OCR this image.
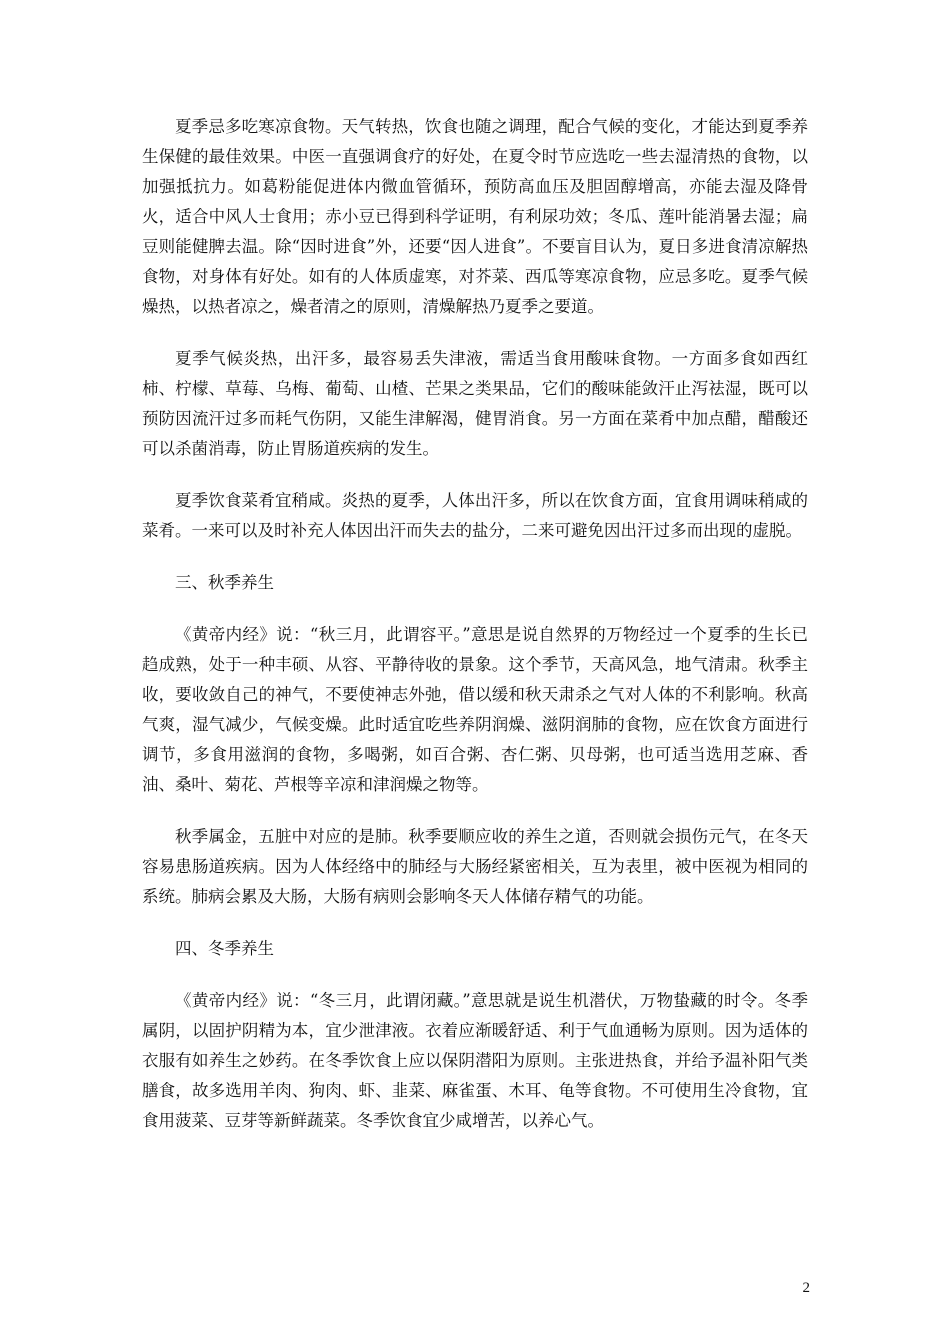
夏季忌多吃寒凉食物。天气转热，饮食也随之调理，配合气候的变化，才能达到夏季养生保健的最佳效果。中医一直强调食疗的好处，在夏令时节应选吃一些去湿清热的食物，以加强抵抗力。如葛粉能促进体内微血管循环，预防高血压及胆固醇增高，亦能去湿及降骨火，适合中风人士食用；赤小豆已得到科学证明，有利尿功效；冬瓜、莲叶能消暑去湿；扁豆则能健脾去温。除“因时进食”外，还要“因人进食”。不要盲目认为，夏日多进食清凉解热食物，对身体有好处。如有的人体质虚寒，对芥菜、西瓜等寒凉食物，应忌多吃。夏季气候燥热，以热者凉之，燥者清之的原则，清燥解热乃夏季之要道。

夏季气候炎热，出汗多，最容易丢失津液，需适当食用酸味食物。一方面多食如西红柿、柠檬、草莓、乌梅、葡萄、山楂、芒果之类果品，它们的酸味能敛汗止泻祛湿，既可以预防因流汗过多而耗气伤阴，又能生津解渴，健胃消食。另一方面在菜肴中加点醋，醋酸还可以杀菌消毒，防止胃肠道疾病的发生。

夏季饮食菜肴宜稍咸。炎热的夏季，人体出汗多，所以在饮食方面，宜食用调味稍咸的菜肴。一来可以及时补充人体因出汗而失去的盐分，二来可避免因出汗过多而出现的虚脱。

三、秋季养生

《黄帝内经》说：“秋三月，此谓容平。”意思是说自然界的万物经过一个夏季的生长已趋成熟，处于一种丰硕、从容、平静待收的景象。这个季节，天高风急，地气清肃。秋季主收，要收敛自己的神气，不要使神志外弛，借以缓和秋天肃杀之气对人体的不利影响。秋高气爽，湿气减少，气候变燥。此时适宜吃些养阴润燥、滋阴润肺的食物，应在饮食方面进行调节，多食用滋润的食物，多喝粥，如百合粥、杏仁粥、贝母粥，也可适当选用芝麻、香油、桑叶、菊花、芦根等辛凉和津润燥之物等。

秋季属金，五脏中对应的是肺。秋季要顺应收的养生之道，否则就会损伤元气，在冬天容易患肠道疾病。因为人体经络中的肺经与大肠经紧密相关，互为表里，被中医视为相同的系统。肺病会累及大肠，大肠有病则会影响冬天人体储存精气的功能。

四、冬季养生

《黄帝内经》说：“冬三月，此谓闭藏。”意思就是说生机潜伏，万物蛰藏的时令。冬季属阴，以固护阴精为本，宜少泄津液。衣着应渐暖舒适、利于气血通畅为原则。因为适体的衣服有如养生之妙药。在冬季饮食上应以保阴潜阳为原则。主张进热食，并给予温补阳气类膳食，故多选用羊肉、狗肉、虾、韭菜、麻雀蛋、木耳、龟等食物。不可使用生冷食物，宜食用菠菜、豆芽等新鲜蔬菜。冬季饮食宜少咸增苦，以养心气。

2
